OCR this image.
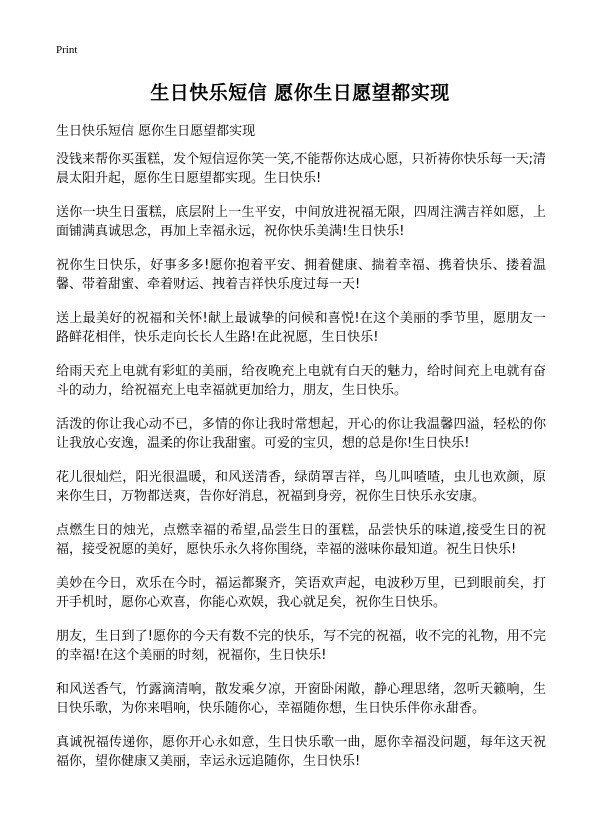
Print
生日快乐短信 愿你生日愿望都实现

生日快乐短信 愿你生日愿望都实现

没钱来帮你买蛋糕，发个短信逗你笑一笑,不能帮你达成心愿，只祈祷你快乐每一天;清晨太阳升起，愿你生日愿望都实现。生日快乐!

送你一块生日蛋糕，底层附上一生平安，中间放进祝福无限，四周注满吉祥如愿，上面铺满真诚思念，再加上幸福永远，祝你快乐美满!生日快乐!

祝你生日快乐，好事多多!愿你抱着平安、拥着健康、揣着幸福、携着快乐、搂着温馨、带着甜蜜、牵着财运、拽着吉祥快乐度过每一天!

送上最美好的祝福和关怀!献上最诚挚的问候和喜悦!在这个美丽的季节里，愿朋友一路鲜花相伴，快乐走向长长人生路!在此祝愿，生日快乐!

给雨天充上电就有彩虹的美丽，给夜晚充上电就有白天的魅力，给时间充上电就有奋斗的动力，给祝福充上电幸福就更加给力，朋友，生日快乐。

活泼的你让我心动不已，多情的你让我时常想起，开心的你让我温馨四溢，轻松的你让我放心安逸，温柔的你让我甜蜜。可爱的宝贝，想的总是你!生日快乐!

花儿很灿烂，阳光很温暖，和风送清香，绿荫罩吉祥，鸟儿叫喳喳，虫儿也欢颜，原来你生日，万物都送爽，告你好消息，祝福到身旁，祝你生日快乐永安康。

点燃生日的烛光，点燃幸福的希望,品尝生日的蛋糕，品尝快乐的味道,接受生日的祝福，接受祝愿的美好，愿快乐永久将你围绕，幸福的滋味你最知道。祝生日快乐!

美妙在今日，欢乐在今时，福运都聚齐，笑语欢声起，电波秒万里，已到眼前矣，打开手机时，愿你心欢喜，你能心欢娱，我心就足矣，祝你生日快乐。

朋友，生日到了!愿你的今天有数不完的快乐，写不完的祝福，收不完的礼物，用不完的幸福!在这个美丽的时刻，祝福你，生日快乐!

和风送香气，竹露滴清响，散发乘夕凉，开窗卧闲敞，静心理思绪，忽听天籁响，生日快乐歌，为你来唱响，快乐随你心，幸福随你想，生日快乐伴你永甜香。

真诚祝福传递你，愿你开心永如意，生日快乐歌一曲，愿你幸福没问题，每年这天祝福你，望你健康又美丽，幸运永远追随你，生日快乐!
